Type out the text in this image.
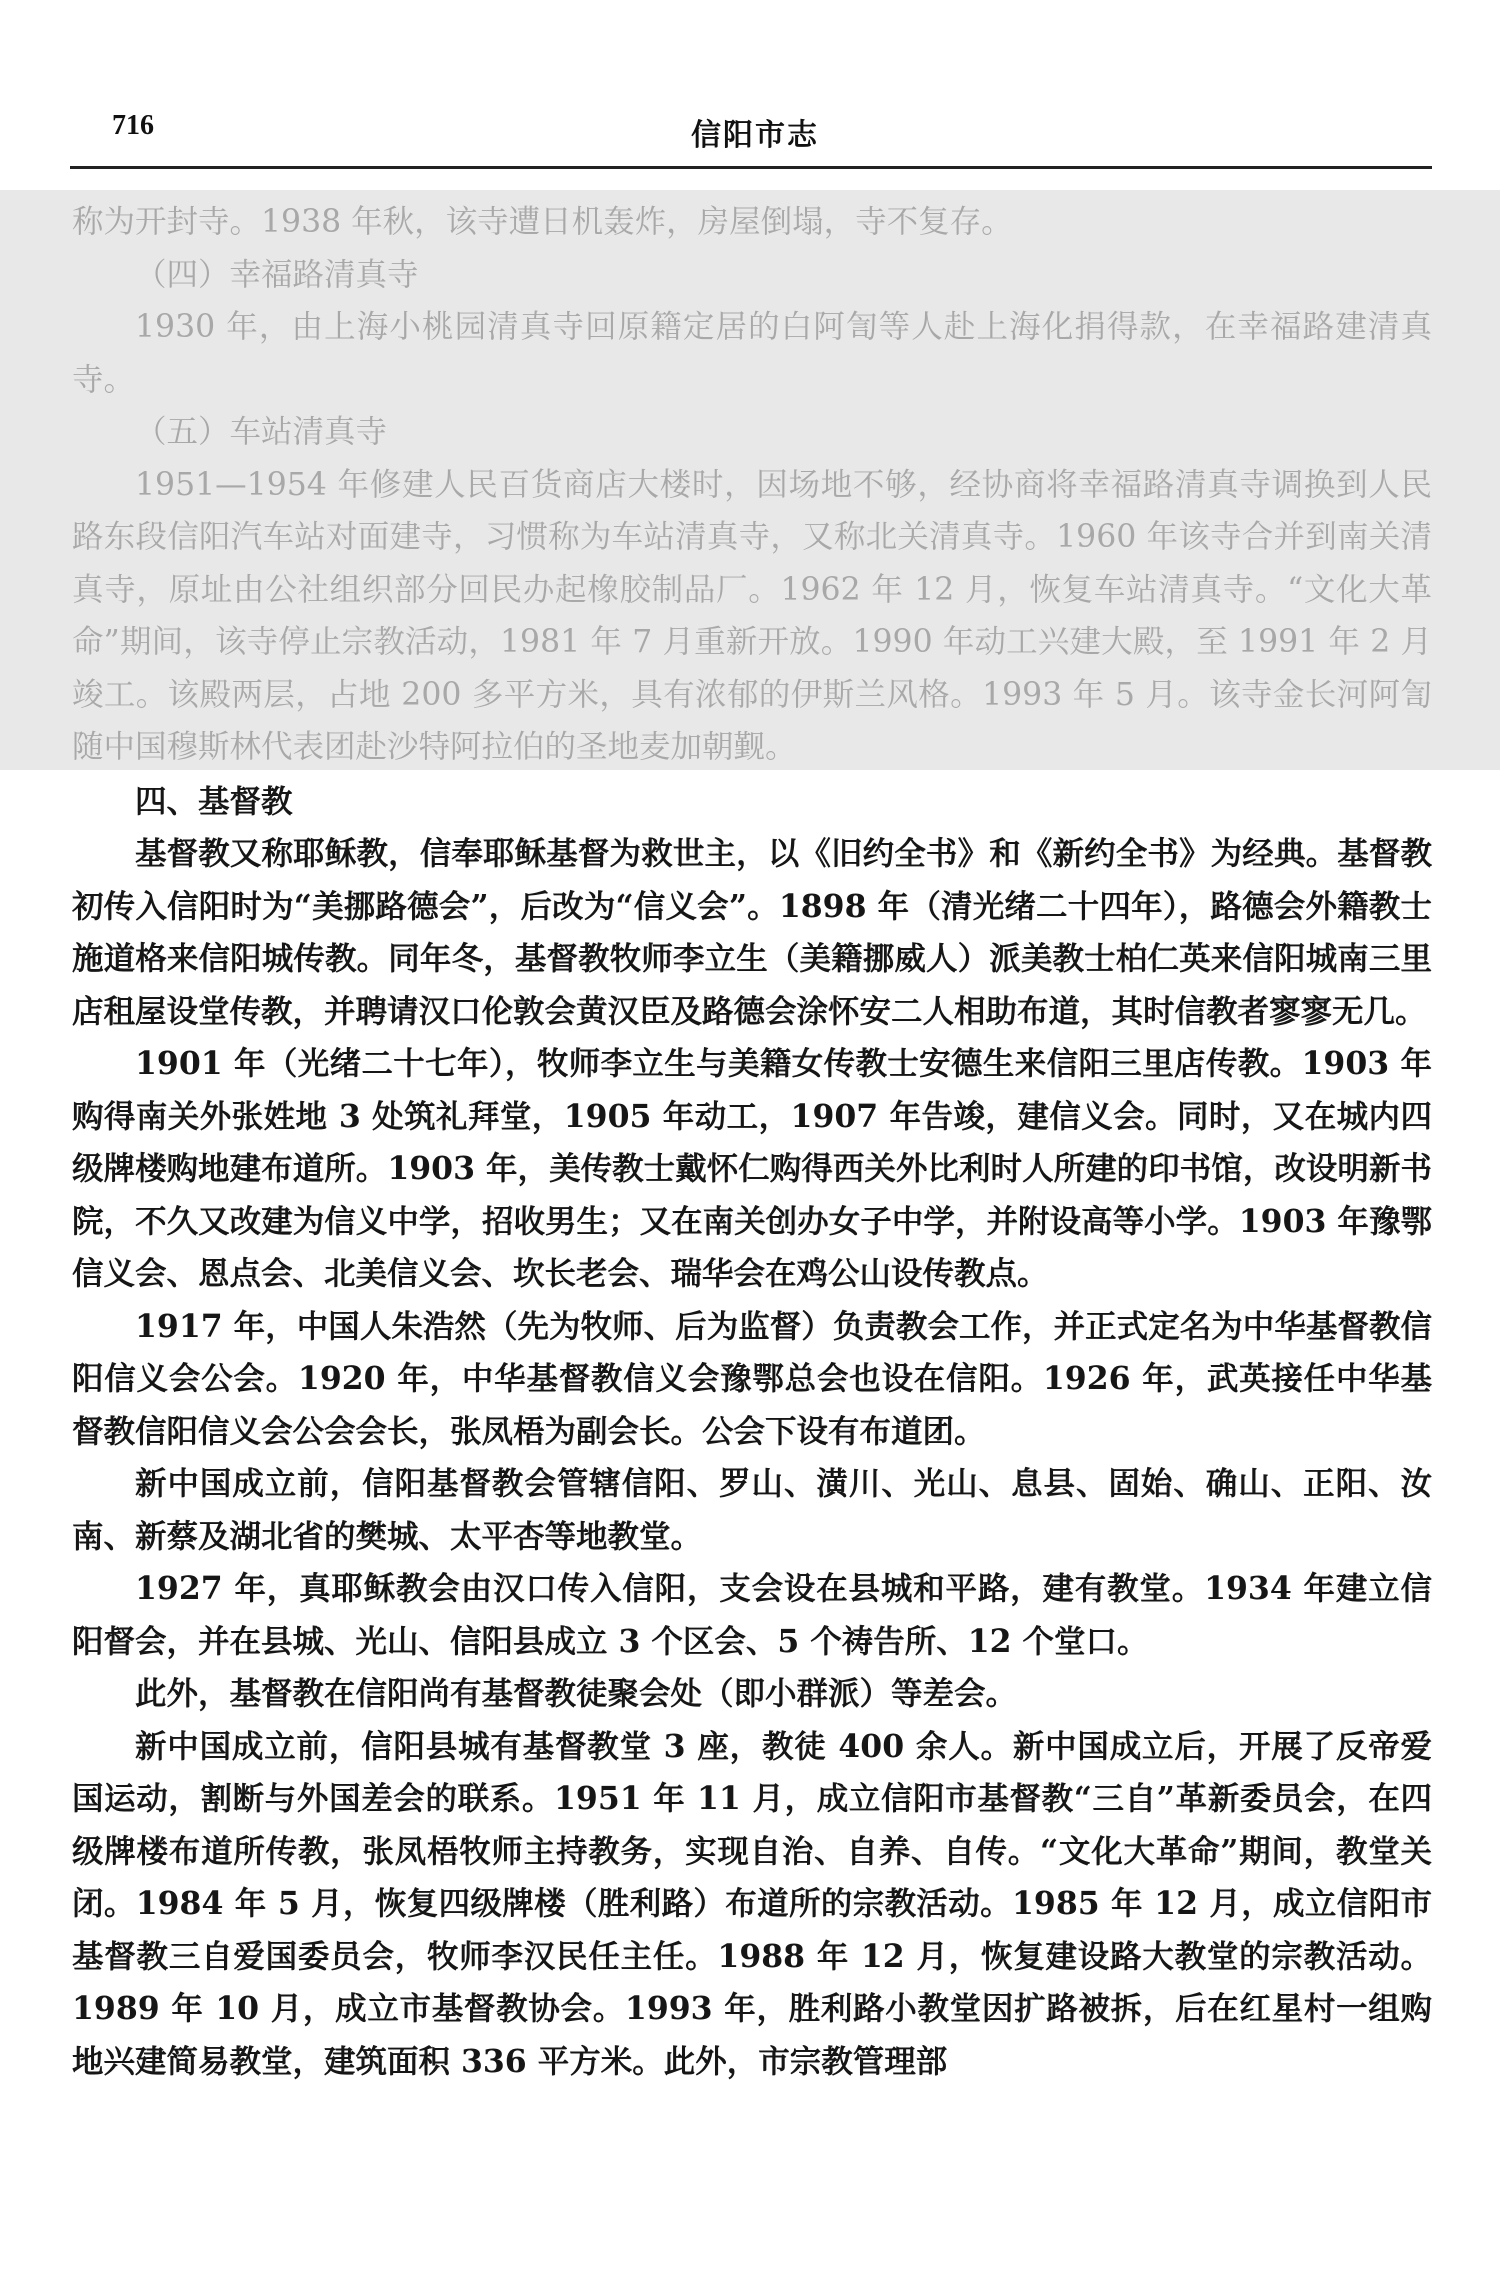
716	信阳市志

称为开封寺。1938 年秋，该寺遭日机轰炸，房屋倒塌，寺不复存。

（四）幸福路清真寺

1930 年，由上海小桃园清真寺回原籍定居的白阿訇等人赴上海化捐得款，在幸福路建清真寺。

（五）车站清真寺

1951—1954 年修建人民百货商店大楼时，因场地不够，经协商将幸福路清真寺调换到人民路东段信阳汽车站对面建寺，习惯称为车站清真寺，又称北关清真寺。1960 年该寺合并到南关清真寺，原址由公社组织部分回民办起橡胶制品厂。1962 年 12 月，恢复车站清真寺。“文化大革命”期间，该寺停止宗教活动，1981 年 7 月重新开放。1990 年动工兴建大殿，至 1991 年 2 月竣工。该殿两层，占地 200 多平方米，具有浓郁的伊斯兰风格。1993 年 5 月。该寺金长河阿訇随中国穆斯林代表团赴沙特阿拉伯的圣地麦加朝觐。

四、基督教

基督教又称耶稣教，信奉耶稣基督为救世主，以《旧约全书》和《新约全书》为经典。基督教初传入信阳时为“美挪路德会”，后改为“信义会”。1898 年（清光绪二十四年），路德会外籍教士施道格来信阳城传教。同年冬，基督教牧师李立生（美籍挪威人）派美教士柏仁英来信阳城南三里店租屋设堂传教，并聘请汉口伦敦会黄汉臣及路德会涂怀安二人相助布道，其时信教者寥寥无几。

1901 年（光绪二十七年），牧师李立生与美籍女传教士安德生来信阳三里店传教。1903 年购得南关外张姓地 3 处筑礼拜堂，1905 年动工，1907 年告竣，建信义会。同时，又在城内四级牌楼购地建布道所。1903 年，美传教士戴怀仁购得西关外比利时人所建的印书馆，改设明新书院，不久又改建为信义中学，招收男生；又在南关创办女子中学，并附设高等小学。1903 年豫鄂信义会、恩点会、北美信义会、坎长老会、瑞华会在鸡公山设传教点。

1917 年，中国人朱浩然（先为牧师、后为监督）负责教会工作，并正式定名为中华基督教信阳信义会公会。1920 年，中华基督教信义会豫鄂总会也设在信阳。1926 年，武英接任中华基督教信阳信义会公会会长，张凤梧为副会长。公会下设有布道团。

新中国成立前，信阳基督教会管辖信阳、罗山、潢川、光山、息县、固始、确山、正阳、汝南、新蔡及湖北省的樊城、太平杏等地教堂。

1927 年，真耶稣教会由汉口传入信阳，支会设在县城和平路，建有教堂。1934 年建立信阳督会，并在县城、光山、信阳县成立 3 个区会、5 个祷告所、12 个堂口。

此外，基督教在信阳尚有基督教徒聚会处（即小群派）等差会。

新中国成立前，信阳县城有基督教堂 3 座，教徒 400 余人。新中国成立后，开展了反帝爱国运动，割断与外国差会的联系。1951 年 11 月，成立信阳市基督教“三自”革新委员会，在四级牌楼布道所传教，张凤梧牧师主持教务，实现自治、自养、自传。“文化大革命”期间，教堂关闭。1984 年 5 月，恢复四级牌楼（胜利路）布道所的宗教活动。1985 年 12 月，成立信阳市基督教三自爱国委员会，牧师李汉民任主任。1988 年 12 月，恢复建设路大教堂的宗教活动。1989 年 10 月，成立市基督教协会。1993 年，胜利路小教堂因扩路被拆，后在红星村一组购地兴建简易教堂，建筑面积 336 平方米。此外，市宗教管理部
